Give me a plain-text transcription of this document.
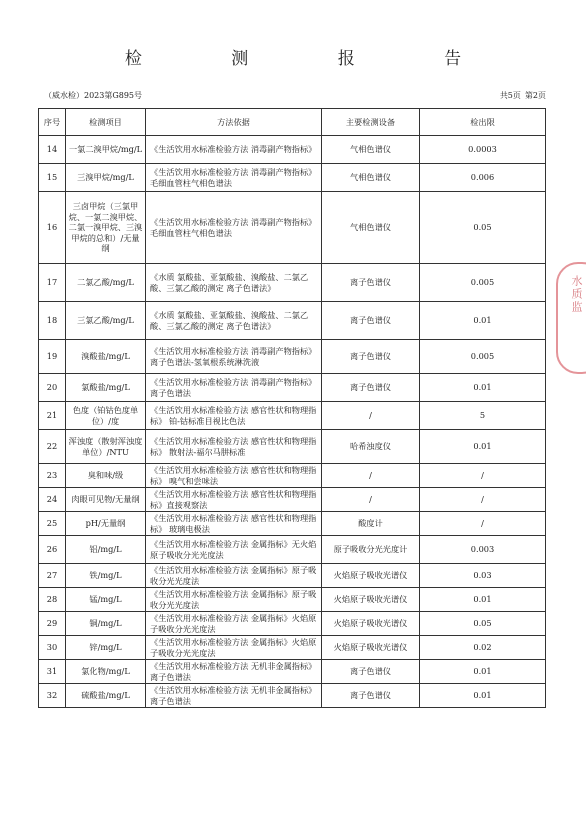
检 测 报 告
（威水检）2023第G895号	共5页 第2页
序号	检测项目	方法依据	主要检测设备	检出限
14	一氯二溴甲烷/mg/L	《生活饮用水标准检验方法 消毒副产物指标》	气相色谱仪	0.0003
15	三溴甲烷/mg/L	《生活饮用水标准检验方法 消毒副产物指标》毛细血管柱气相色谱法	气相色谱仪	0.006
16	三卤甲烷（三氯甲烷、一氯二溴甲烷、二氯一溴甲烷、三溴甲烷的总和）/无量纲	《生活饮用水标准检验方法 消毒副产物指标》毛细血管柱气相色谱法	气相色谱仪	0.05
17	二氯乙酸/mg/L	《水质 氯酸盐、亚氯酸盐、溴酸盐、二氯乙酸、三氯乙酸的测定 离子色谱法》	离子色谱仪	0.005
18	三氯乙酸/mg/L	《水质 氯酸盐、亚氯酸盐、溴酸盐、二氯乙酸、三氯乙酸的测定 离子色谱法》	离子色谱仪	0.01
19	溴酸盐/mg/L	《生活饮用水标准检验方法 消毒副产物指标》离子色谱法-氢氧根系统淋洗液	离子色谱仪	0.005
20	氯酸盐/mg/L	《生活饮用水标准检验方法 消毒副产物指标》离子色谱法	离子色谱仪	0.01
21	色度（铂钴色度单位）/度	《生活饮用水标准检验方法 感官性状和物理指标》 铂-钴标准目视比色法	/	5
22	浑浊度（散射浑浊度单位）/NTU	《生活饮用水标准检验方法 感官性状和物理指标》 散射法-福尔马肼标准	哈希浊度仪	0.01
23	臭和味/级	《生活饮用水标准检验方法 感官性状和物理指标》 嗅气和尝味法	/	/
24	肉眼可见物/无量纲	《生活饮用水标准检验方法 感官性状和物理指标》直接观察法	/	/
25	pH/无量纲	《生活饮用水标准检验方法 感官性状和物理指标》 玻璃电极法	酸度计	/
26	铝/mg/L	《生活饮用水标准检验方法 金属指标》无火焰原子吸收分光光度法	原子吸收分光光度计	0.003
27	铁/mg/L	《生活饮用水标准检验方法 金属指标》原子吸收分光光度法	火焰原子吸收光谱仪	0.03
28	锰/mg/L	《生活饮用水标准检验方法 金属指标》原子吸收分光光度法	火焰原子吸收光谱仪	0.01
29	铜/mg/L	《生活饮用水标准检验方法 金属指标》火焰原子吸收分光光度法	火焰原子吸收光谱仪	0.05
30	锌/mg/L	《生活饮用水标准检验方法 金属指标》火焰原子吸收分光光度法	火焰原子吸收光谱仪	0.02
31	氯化物/mg/L	《生活饮用水标准检验方法 无机非金属指标》离子色谱法	离子色谱仪	0.01
32	硫酸盐/mg/L	《生活饮用水标准检验方法 无机非金属指标》离子色谱法	离子色谱仪	0.01
水质监
